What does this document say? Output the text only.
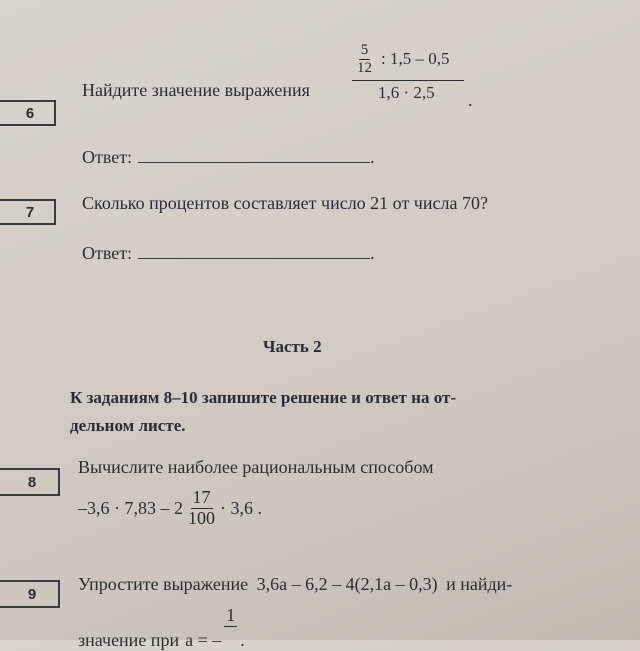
6
Найдите значение выражения
$\frac{5}{12}$ : 1,5 – 0,5
1,6 · 2,5 .
Ответ:	.
7	Сколько процентов составляет число 21 от числа 70?
Ответ:	.
Часть 2
К заданиям 8–10 запишите решение и ответ на от-
дельном листе.
8
Вычислите наиболее рациональным способом
$-3,6 \cdot 7,83 - 2 \frac{17}{100} \cdot 3,6$ .
9 Упростите выражение 3,6a – 6,2 – 4(2,1a – 0,3) и найди-
значение при a = –
1

.
